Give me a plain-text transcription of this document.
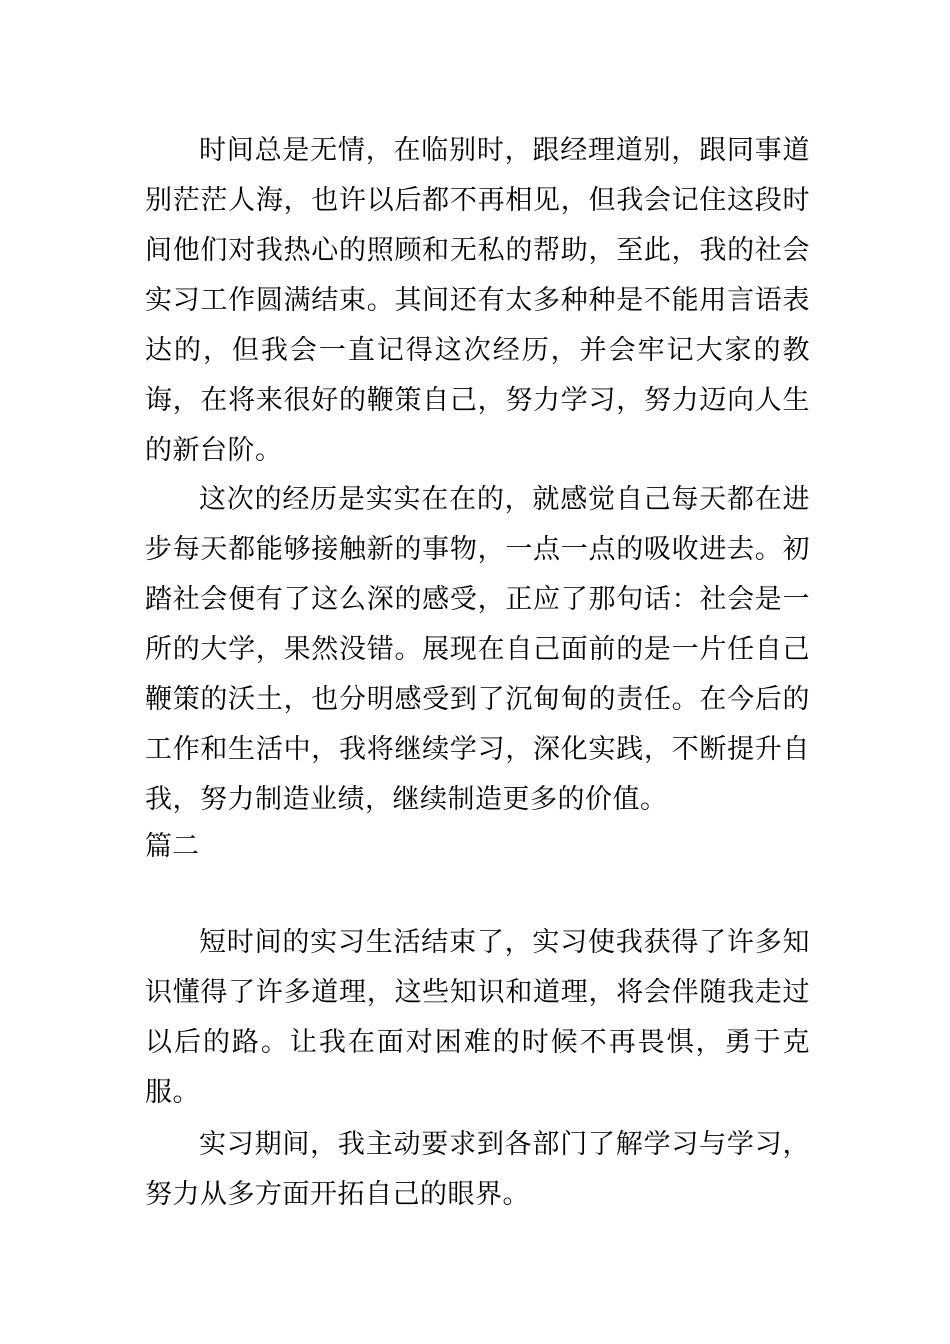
时间总是无情，在临别时，跟经理道别，跟同事道别茫茫人海，也许以后都不再相见，但我会记住这段时间他们对我热心的照顾和无私的帮助，至此，我的社会实习工作圆满结束。其间还有太多种种是不能用言语表达的，但我会一直记得这次经历，并会牢记大家的教诲，在将来很好的鞭策自己，努力学习，努力迈向人生的新台阶。

这次的经历是实实在在的，就感觉自己每天都在进步每天都能够接触新的事物，一点一点的吸收进去。初踏社会便有了这么深的感受，正应了那句话：社会是一所的大学，果然没错。展现在自己面前的是一片任自己鞭策的沃土，也分明感受到了沉甸甸的责任。在今后的工作和生活中，我将继续学习，深化实践，不断提升自我，努力制造业绩，继续制造更多的价值。

篇二

短时间的实习生活结束了，实习使我获得了许多知识懂得了许多道理，这些知识和道理，将会伴随我走过以后的路。让我在面对困难的时候不再畏惧，勇于克服。

实习期间，我主动要求到各部门了解学习与学习，努力从多方面开拓自己的眼界。
